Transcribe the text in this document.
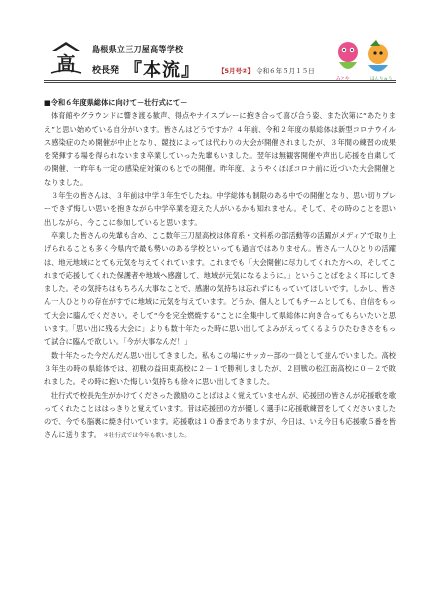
高
島根県立三刀屋高等学校
校長発 『本流』	【5月号②】 令和６年５月１５日
みとや	ほんりゅう
■令和６年度県総体に向けて－壮行式にて－

体育館やグラウンドに響き渡る歓声、得点やナイスプレーに抱き合って喜び合う姿、また次第に“あたりまえ”と思い始めている自分がいます。皆さんはどうですか？４年前、令和２年度の県総体は新型コロナウイルス感染症のため開催が中止となり、競技によっては代わりの大会が開催されましたが、３年間の練習の成果を発揮する場を得られないまま卒業していった先輩もいました。翌年は無観客開催や声出し応援を自粛しての開催、一昨年も一定の感染症対策のもとでの開催。昨年度、ようやくほぼコロナ前に近づいた大会開催となりました。

３年生の皆さんは、３年前は中学３年生でしたね。中学総体も制限のある中での開催となり、思い切りプレーできず悔しい思いを抱きながら中学卒業を迎えた人がいるかも知れません。そして、その時のことを思い出しながら、今ここに参加していると思います。

卒業した皆さんの先輩も含め、ここ数年三刀屋高校は体育系・文科系の部活動等の活躍がメディアで取り上げられることも多く今県内で最も勢いのある学校といっても過言ではありません。皆さん一人ひとりの活躍は、地元地域にとても元気を与えてくれています。これまでも「大会開催に尽力してくれた方への、そしてこれまで応援してくれた保護者や地域へ感謝して、地域が元気になるように。」ということばをよく耳にしてきました。その気持ちはもちろん大事なことで、感謝の気持ちは忘れずにもっていてほしいです。しかし、皆さん一人ひとりの存在がすでに地域に元気を与えています。どうか、個人としてもチームとしても、自信をもって大会に臨んでください。そして“今を完全燃焼する”ことに全集中して県総体に向き合ってもらいたいと思います。「思い出に残る大会に」よりも数十年たった時に思い出してよみがえってくるようひたむきさをもって試合に臨んで欲しい。「今が大事なんだ！」

数十年たった今だんだん思い出してきました。私もこの場にサッカー部の一員として並んでいました。高校３年生の時の県総体では、初戦の益田東高校に２－１で勝利しましたが、２回戦の松江南高校に０－２で敗れました。その時に抱いた悔しい気持ちも徐々に思い出してきました。

壮行式で校長先生がかけてくださった激励のことばはよく覚えていませんが、応援団の皆さんが応援歌を歌ってくれたことははっきりと覚えています。昔は応援団の方が優しく選手に応援歌練習をしてくださいましたので、今でも脳裏に焼き付いています。応援歌は１０番までありますが、今日は、いえ今日も応援歌５番を皆さんに送ります。 ＊壮行式では今年も歌いました。
